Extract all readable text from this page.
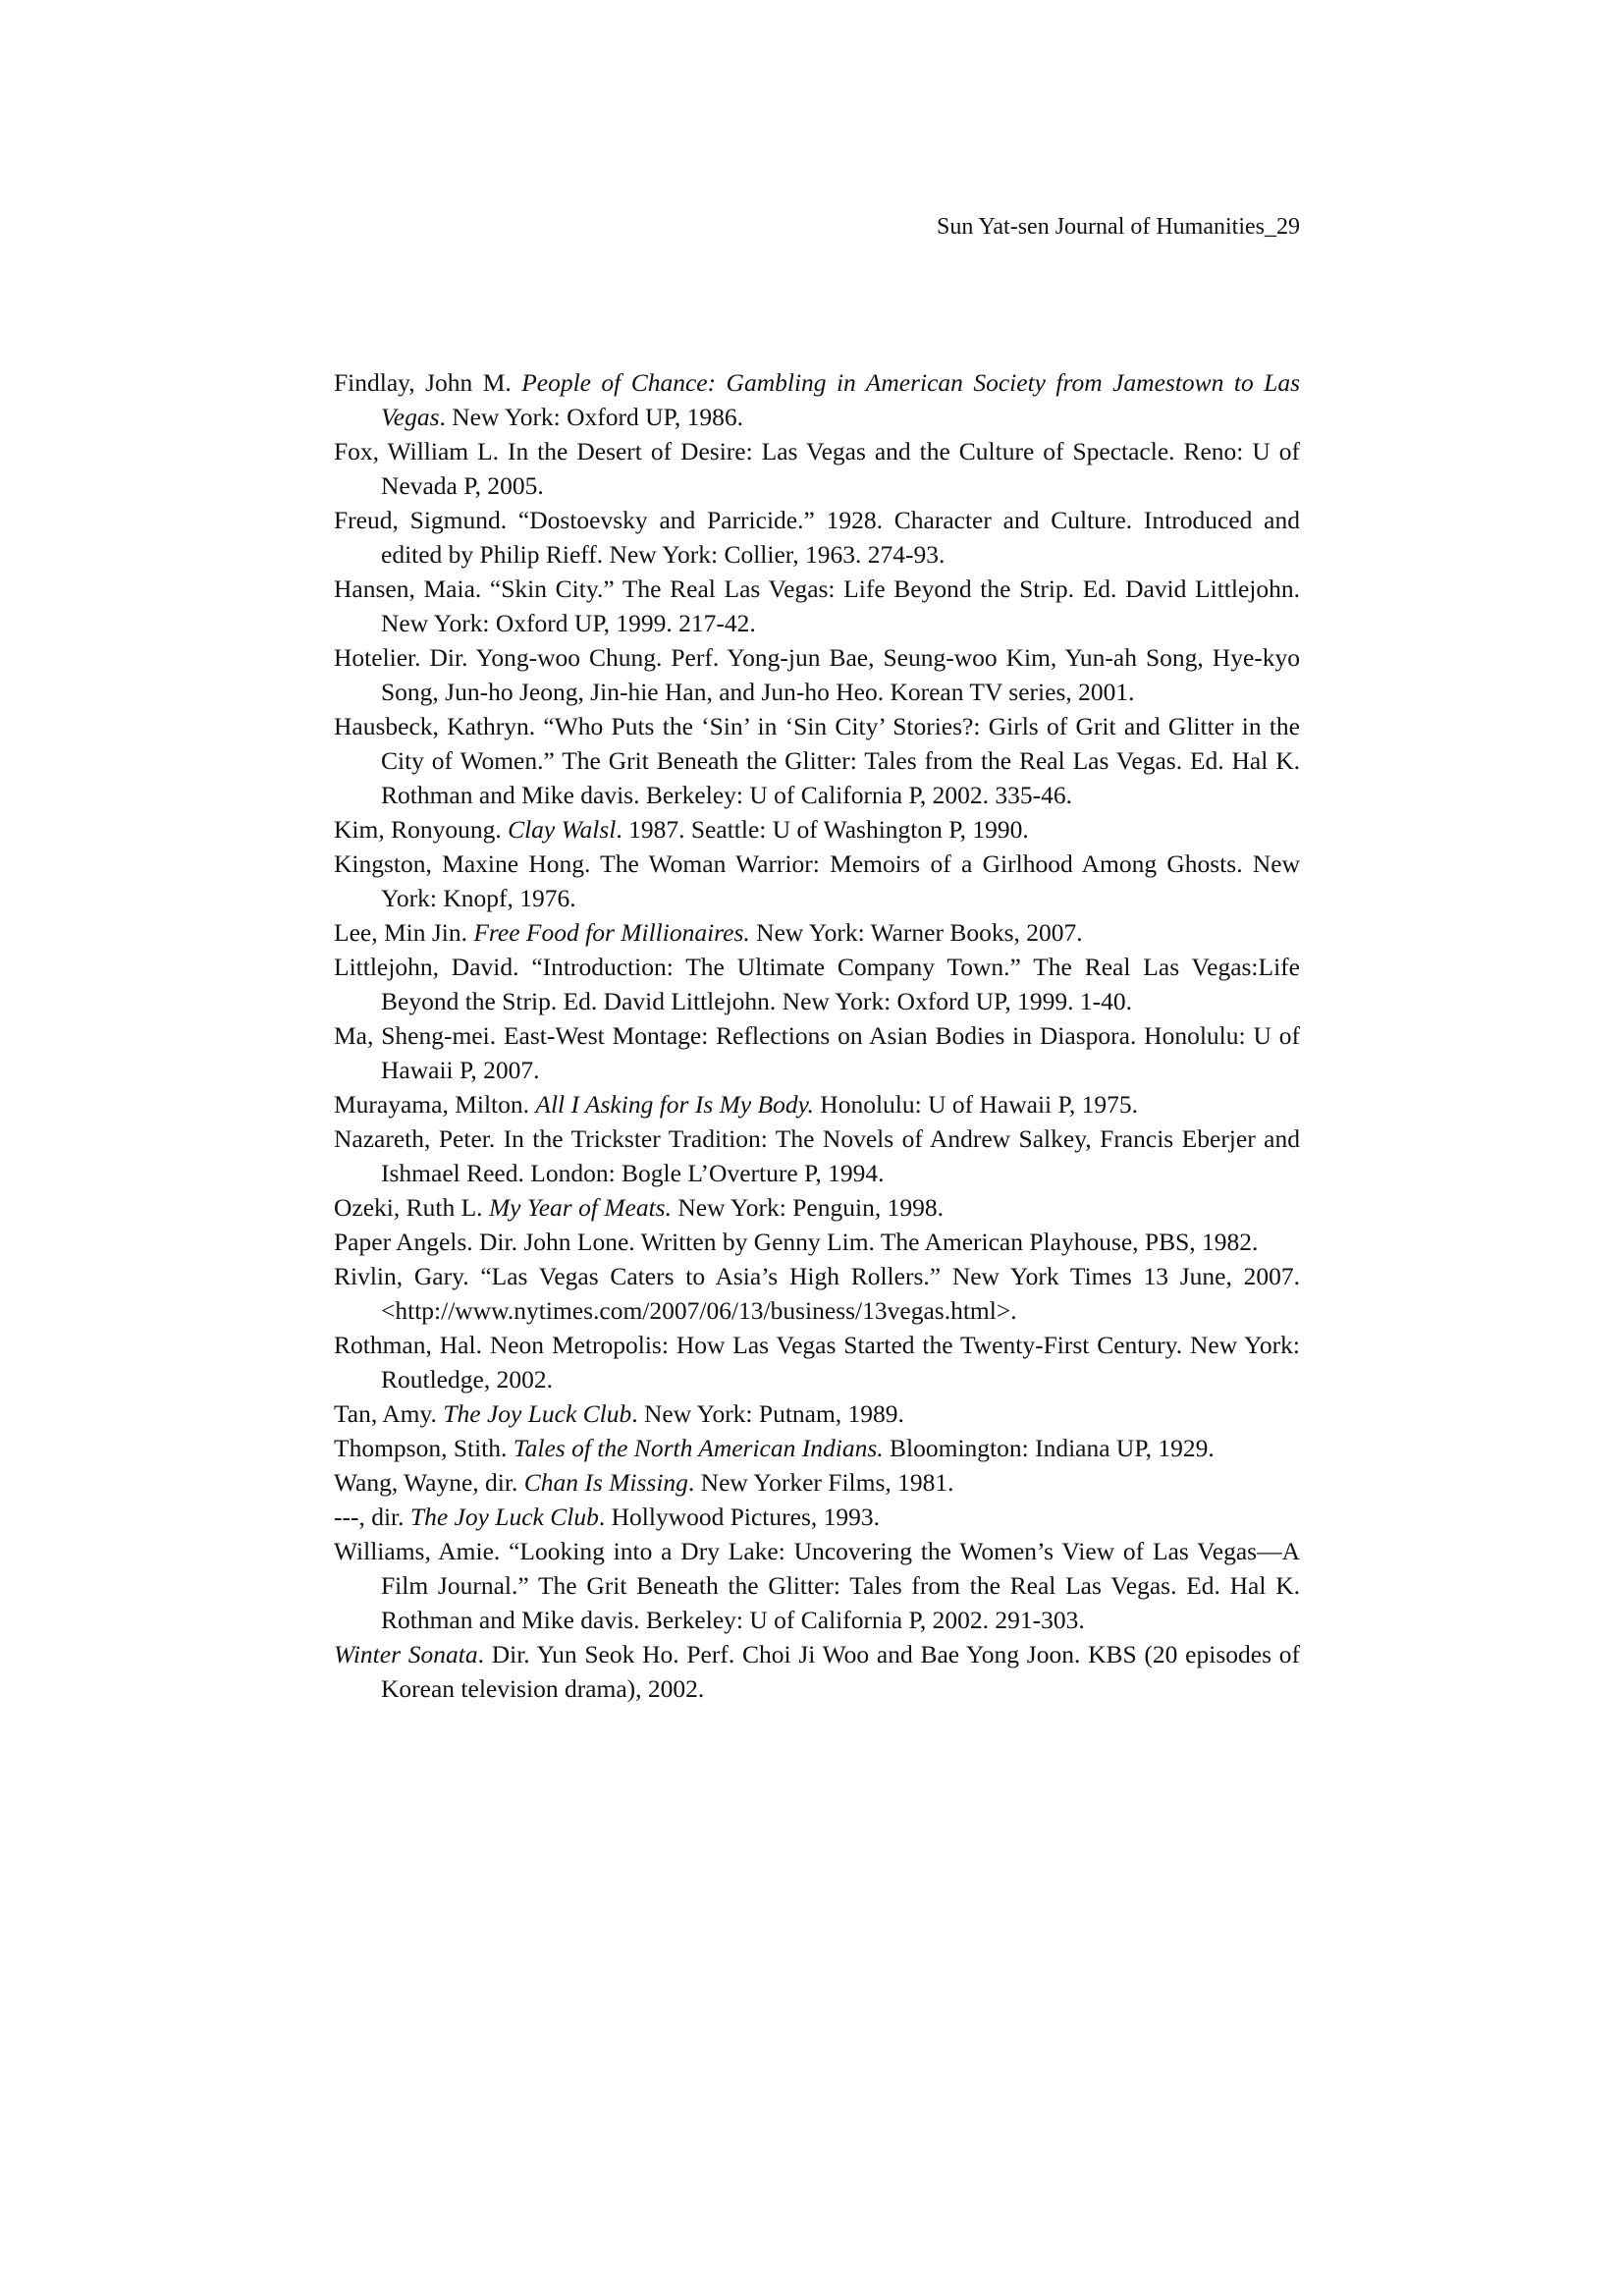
Sun Yat-sen Journal of Humanities_29
Findlay, John M. People of Chance: Gambling in American Society from Jamestown to Las Vegas. New York: Oxford UP, 1986.
Fox, William L. In the Desert of Desire: Las Vegas and the Culture of Spectacle. Reno: U of Nevada P, 2005.
Freud, Sigmund. “Dostoevsky and Parricide.” 1928. Character and Culture. Introduced and edited by Philip Rieff. New York: Collier, 1963. 274-93.
Hansen, Maia. “Skin City.” The Real Las Vegas: Life Beyond the Strip. Ed. David Littlejohn. New York: Oxford UP, 1999. 217-42.
Hotelier. Dir. Yong-woo Chung. Perf. Yong-jun Bae, Seung-woo Kim, Yun-ah Song, Hye-kyo Song, Jun-ho Jeong, Jin-hie Han, and Jun-ho Heo. Korean TV series, 2001.
Hausbeck, Kathryn. “Who Puts the ‘Sin’ in ‘Sin City’ Stories?: Girls of Grit and Glitter in the City of Women.” The Grit Beneath the Glitter: Tales from the Real Las Vegas. Ed. Hal K. Rothman and Mike davis. Berkeley: U of California P, 2002. 335-46.
Kim, Ronyoung. Clay Walsl. 1987. Seattle: U of Washington P, 1990.
Kingston, Maxine Hong. The Woman Warrior: Memoirs of a Girlhood Among Ghosts. New York: Knopf, 1976.
Lee, Min Jin. Free Food for Millionaires. New York: Warner Books, 2007.
Littlejohn, David. “Introduction: The Ultimate Company Town.” The Real Las Vegas:Life Beyond the Strip. Ed. David Littlejohn. New York: Oxford UP, 1999. 1-40.
Ma, Sheng-mei. East-West Montage: Reflections on Asian Bodies in Diaspora. Honolulu: U of Hawaii P, 2007.
Murayama, Milton. All I Asking for Is My Body. Honolulu: U of Hawaii P, 1975.
Nazareth, Peter. In the Trickster Tradition: The Novels of Andrew Salkey, Francis Eberjer and Ishmael Reed. London: Bogle L’Overture P, 1994.
Ozeki, Ruth L. My Year of Meats. New York: Penguin, 1998.
Paper Angels. Dir. John Lone. Written by Genny Lim. The American Playhouse, PBS, 1982.
Rivlin, Gary. “Las Vegas Caters to Asia’s High Rollers.” New York Times 13 June, 2007. <http://www.nytimes.com/2007/06/13/business/13vegas.html>.
Rothman, Hal. Neon Metropolis: How Las Vegas Started the Twenty-First Century. New York: Routledge, 2002.
Tan, Amy. The Joy Luck Club. New York: Putnam, 1989.
Thompson, Stith. Tales of the North American Indians. Bloomington: Indiana UP, 1929.
Wang, Wayne, dir. Chan Is Missing. New Yorker Films, 1981.
---, dir. The Joy Luck Club. Hollywood Pictures, 1993.
Williams, Amie. “Looking into a Dry Lake: Uncovering the Women’s View of Las Vegas—A Film Journal.” The Grit Beneath the Glitter: Tales from the Real Las Vegas. Ed. Hal K. Rothman and Mike davis. Berkeley: U of California P, 2002. 291-303.
Winter Sonata. Dir. Yun Seok Ho. Perf. Choi Ji Woo and Bae Yong Joon. KBS (20 episodes of Korean television drama), 2002.
